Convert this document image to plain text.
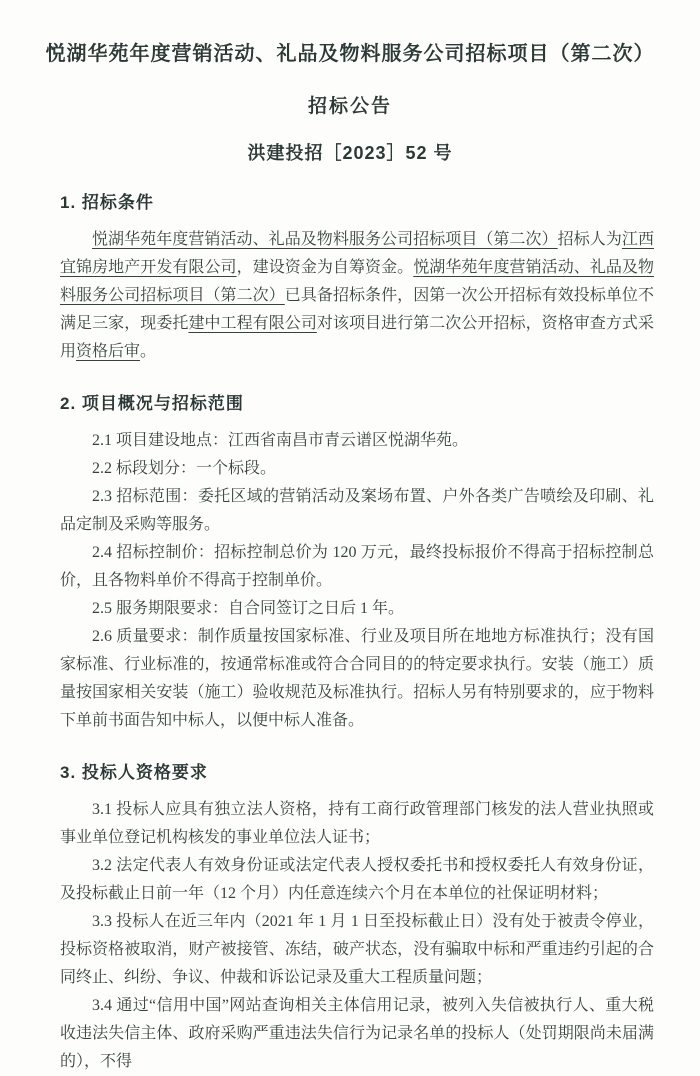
悦湖华苑年度营销活动、礼品及物料服务公司招标项目（第二次）
招标公告
洪建投招［2023］52 号
1. 招标条件

悦湖华苑年度营销活动、礼品及物料服务公司招标项目（第二次）招标人为江西宜锦房地产开发有限公司，建设资金为自筹资金。悦湖华苑年度营销活动、礼品及物料服务公司招标项目（第二次）已具备招标条件，因第一次公开招标有效投标单位不满足三家，现委托建中工程有限公司对该项目进行第二次公开招标，资格审查方式采用资格后审。

2. 项目概况与招标范围

2.1 项目建设地点：江西省南昌市青云谱区悦湖华苑。

2.2 标段划分：一个标段。

2.3 招标范围：委托区域的营销活动及案场布置、户外各类广告喷绘及印刷、礼品定制及采购等服务。

2.4 招标控制价：招标控制总价为 120 万元，最终投标报价不得高于招标控制总价，且各物料单价不得高于控制单价。

2.5 服务期限要求：自合同签订之日后 1 年。

2.6 质量要求：制作质量按国家标准、行业及项目所在地地方标准执行；没有国家标准、行业标准的，按通常标准或符合合同目的的特定要求执行。安装（施工）质量按国家相关安装（施工）验收规范及标准执行。招标人另有特别要求的，应于物料下单前书面告知中标人，以便中标人准备。

3. 投标人资格要求

3.1 投标人应具有独立法人资格，持有工商行政管理部门核发的法人营业执照或事业单位登记机构核发的事业单位法人证书；

3.2 法定代表人有效身份证或法定代表人授权委托书和授权委托人有效身份证，及投标截止日前一年（12 个月）内任意连续六个月在本单位的社保证明材料；

3.3 投标人在近三年内（2021 年 1 月 1 日至投标截止日）没有处于被责令停业，投标资格被取消，财产被接管、冻结，破产状态，没有骗取中标和严重违约引起的合同终止、纠纷、争议、仲裁和诉讼记录及重大工程质量问题；

3.4 通过“信用中国”网站查询相关主体信用记录，被列入失信被执行人、重大税收违法失信主体、政府采购严重违法失信行为记录名单的投标人（处罚期限尚未届满的），不得
